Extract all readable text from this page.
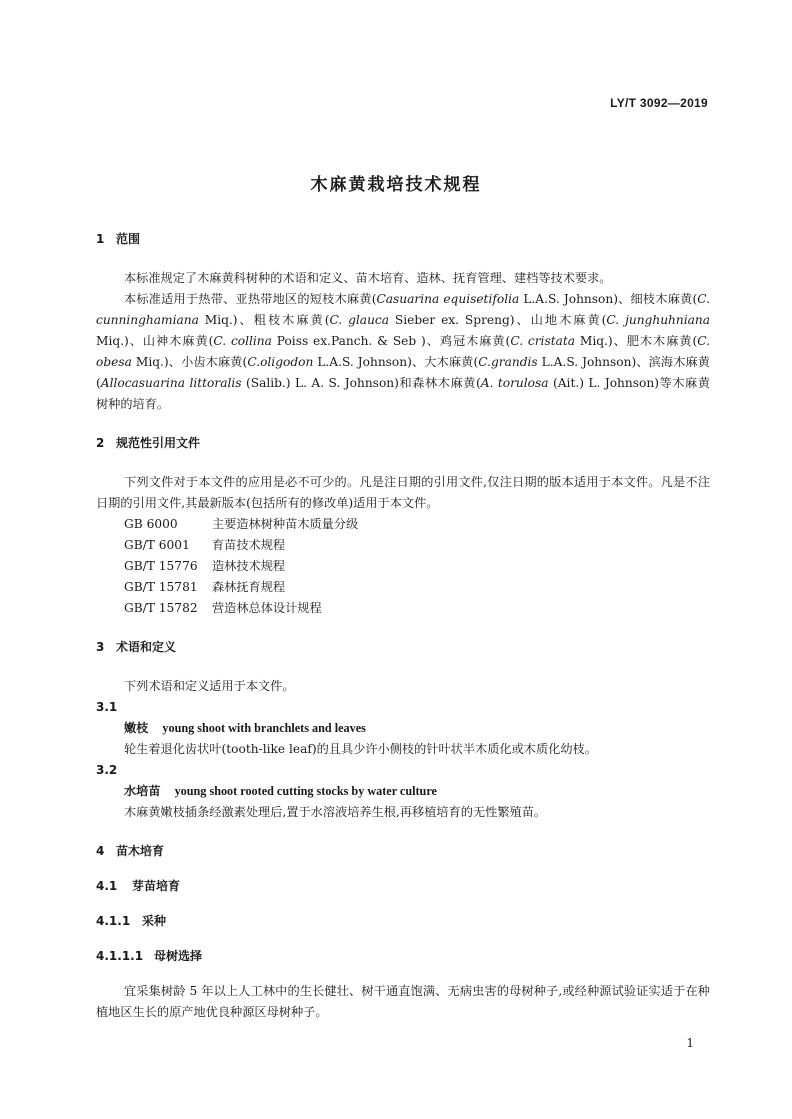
LY/T 3092—2019
木麻黄栽培技术规程

1 范围

本标准规定了木麻黄科树种的术语和定义、苗木培育、造林、抚育管理、建档等技术要求。

本标准适用于热带、亚热带地区的短枝木麻黄(Casuarina equisetifolia L.A.S. Johnson)、细枝木麻黄(C. cunninghamiana Miq.)、粗枝木麻黄(C. glauca Sieber ex. Spreng)、山地木麻黄(C. junghuhniana Miq.)、山神木麻黄(C. collina Poiss ex.Panch. & Seb )、鸡冠木麻黄(C. cristata Miq.)、肥木木麻黄(C. obesa Miq.)、小齿木麻黄(C.oligodon L.A.S. Johnson)、大木麻黄(C.grandis L.A.S. Johnson)、滨海木麻黄(Allocasuarina littoralis (Salib.) L. A. S. Johnson)和森林木麻黄(A. torulosa (Ait.) L. Johnson)等木麻黄树种的培育。

2 规范性引用文件

下列文件对于本文件的应用是必不可少的。凡是注日期的引用文件,仅注日期的版本适用于本文件。凡是不注日期的引用文件,其最新版本(包括所有的修改单)适用于本文件。

GB 6000	主要造林树种苗木质量分级

GB/T 6001 育苗技术规程

GB/T 15776 造林技术规程

GB/T 15781 森林抚育规程

GB/T 15782 营造林总体设计规程

3 术语和定义

下列术语和定义适用于本文件。

3.1

嫩枝 young shoot with branchlets and leaves

轮生着退化齿状叶(tooth-like leaf)的且具少许小侧枝的针叶状半木质化或木质化幼枝。

3.2

水培苗 young shoot rooted cutting stocks by water culture

木麻黄嫩枝插条经激素处理后,置于水溶液培养生根,再移植培育的无性繁殖苗。

4 苗木培育

4.1 芽苗培育

4.1.1 采种

4.1.1.1 母树选择

宜采集树龄 5 年以上人工林中的生长健壮、树干通直饱满、无病虫害的母树种子,或经种源试验证实适于在种植地区生长的原产地优良种源区母树种子。

1
